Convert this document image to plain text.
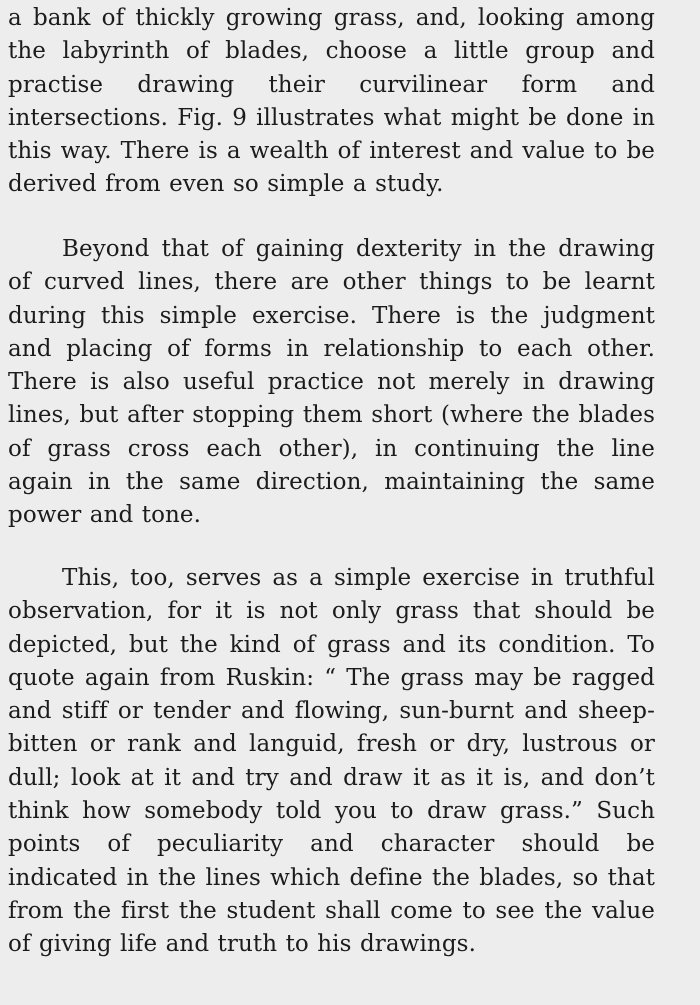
a bank of thickly growing grass, and, looking among the labyrinth of blades, choose a little group and practise drawing their curvilinear form and intersections. Fig. 9 illustrates what might be done in this way. There is a wealth of interest and value to be derived from even so simple a study.

Beyond that of gaining dexterity in the drawing of curved lines, there are other things to be learnt during this simple exercise. There is the judgment and placing of forms in relationship to each other. There is also useful practice not merely in drawing lines, but after stopping them short (where the blades of grass cross each other), in continuing the line again in the same direction, maintaining the same power and tone.

This, too, serves as a simple exercise in truthful observation, for it is not only grass that should be depicted, but the kind of grass and its condition. To quote again from Ruskin: “ The grass may be ragged and stiff or tender and flowing, sun-burnt and sheep-bitten or rank and languid, fresh or dry, lustrous or dull; look at it and try and draw it as it is, and don’t think how somebody told you to draw grass.” Such points of peculiarity and character should be indicated in the lines which define the blades, so that from the first the student shall come to see the value of giving life and truth to his drawings.
